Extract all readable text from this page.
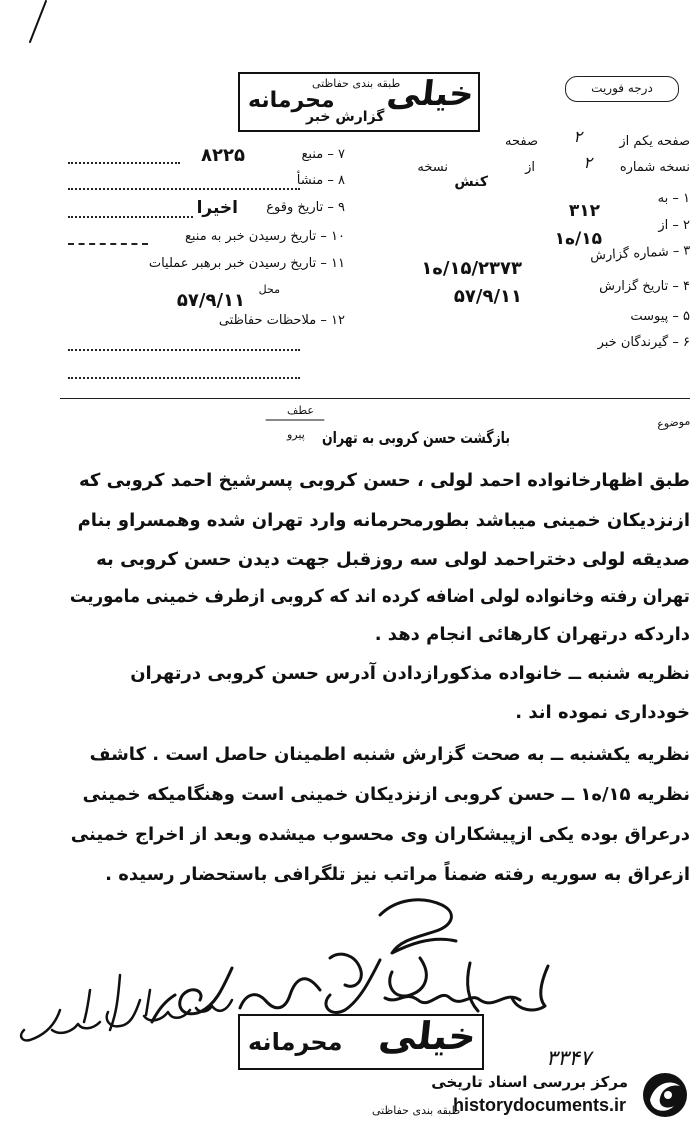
محرمانه
طبقه بندی حفاظتی
گزارش خبر
خیلی	درجه فوریت
صفحه یکم از
۲
صفحه
نسخه شماره
۲
از
کنش
نسخه
۱ – به
۳۱۲
۲ – از
۱ه/۱۵
۳ – شماره گزارش
۱ه/۱۵/۲۳۷۳
۴ – تاریخ گزارش
۵۷/۹/۱۱
۵ – پیوست
۶ – گیرندگان خبر
۷ – منبع
۸۲۲۵
۸ – منشأ
۹ – تاریخ وقوع
اخیرا
۱۰ – تاریخ رسیدن خبر به منبع
۱۱ – تاریخ رسیدن خبر برهبر عملیات
محل
۵۷/۹/۱۱
۱۲ – ملاحظات حفاظتی
موضوع
عطف
پیرو بازگشت حسن کروبی به تهران
طبق اظهارخانواده احمد لولی ، حسن کروبی پسرشیخ احمد کروبی که
ازنزدیکان خمینی میباشد بطورمحرمانه وارد تهران شده وهمسراو بنام
صدیقه لولی دختراحمد لولی سه روزقبل جهت دیدن حسن کروبی به
تهران رفته وخانواده لولی اضافه کرده اند که کروبی ازطرف خمینی ماموریت
داردکه درتهران کارهائی انجام دهد .
نظریه شنبه ــ خانواده مذکورازدادن آدرس حسن کروبی درتهران
خودداری نموده اند .
نظریه یکشنبه ــ به صحت گزارش شنبه اطمینان حاصل است . کاشف
نظریه ۱ه/۱۵ ــ حسن کروبی ازنزدیکان خمینی است وهنگامیکه خمینی
درعراق بوده یکی ازپیشکاران وی محسوب میشده وبعد از اخراج خمینی
ازعراق به سوریه رفته ضمناً مراتب نیز تلگرافی باستحضار رسیده .
محرمانه خیلی
طبقه بندی حفاظتی
۳۳۴۷
مرکز بررسی اسناد تاریخی
historydocuments.ir
